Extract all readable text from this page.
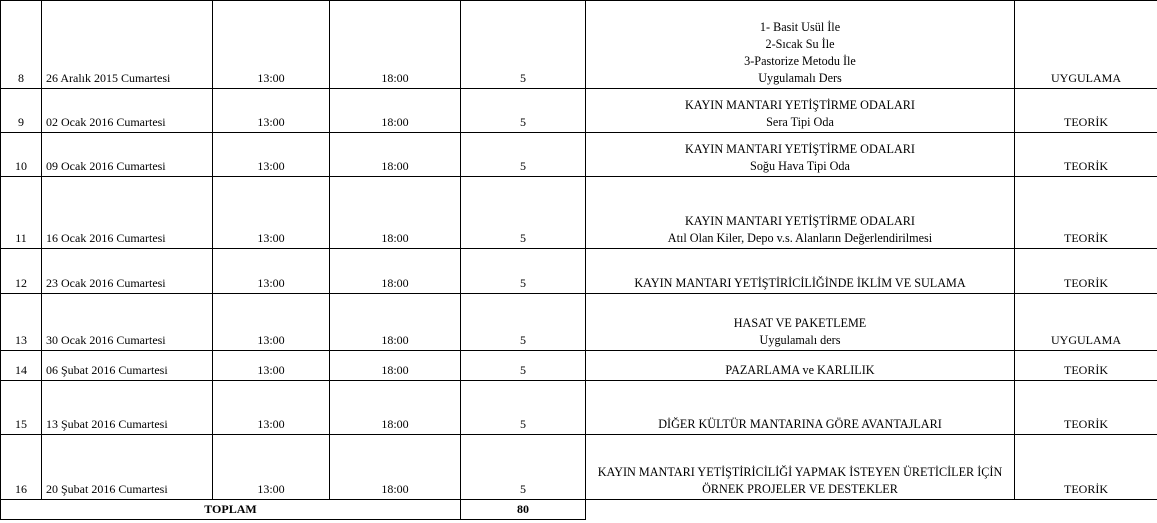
8	26 Aralık 2015 Cumartesi	13:00	18:00	5	1- Basit Usül İle
2-Sıcak Su İle
3-Pastorize Metodu İle
Uygulamalı Ders	UYGULAMA
9	02 Ocak 2016 Cumartesi	13:00	18:00	5	KAYIN MANTARI YETİŞTİRME ODALARI
Sera Tipi Oda	TEORİK
10	09 Ocak 2016 Cumartesi	13:00	18:00	5	KAYIN MANTARI YETİŞTİRME ODALARI
Soğu Hava Tipi Oda	TEORİK
11	16 Ocak 2016 Cumartesi	13:00	18:00	5	KAYIN MANTARI YETİŞTİRME ODALARI
Atıl Olan Kiler, Depo v.s. Alanların Değerlendirilmesi	TEORİK
12	23 Ocak 2016 Cumartesi	13:00	18:00	5	KAYIN MANTARI YETİŞTİRİCİLİĞİNDE İKLİM VE SULAMA	TEORİK
13	30 Ocak 2016 Cumartesi	13:00	18:00	5	HASAT VE PAKETLEME
Uygulamalı ders	UYGULAMA
14	06 Şubat 2016 Cumartesi	13:00	18:00	5	PAZARLAMA ve KARLILIK	TEORİK
15	13 Şubat 2016 Cumartesi	13:00	18:00	5	DİĞER KÜLTÜR MANTARINA GÖRE AVANTAJLARI	TEORİK
16	20 Şubat 2016 Cumartesi	13:00	18:00	5	KAYIN MANTARI YETİŞTİRİCİLİĞİ YAPMAK İSTEYEN ÜRETİCİLER İÇİN
ÖRNEK PROJELER VE DESTEKLER	TEORİK
TOPLAM				80		
